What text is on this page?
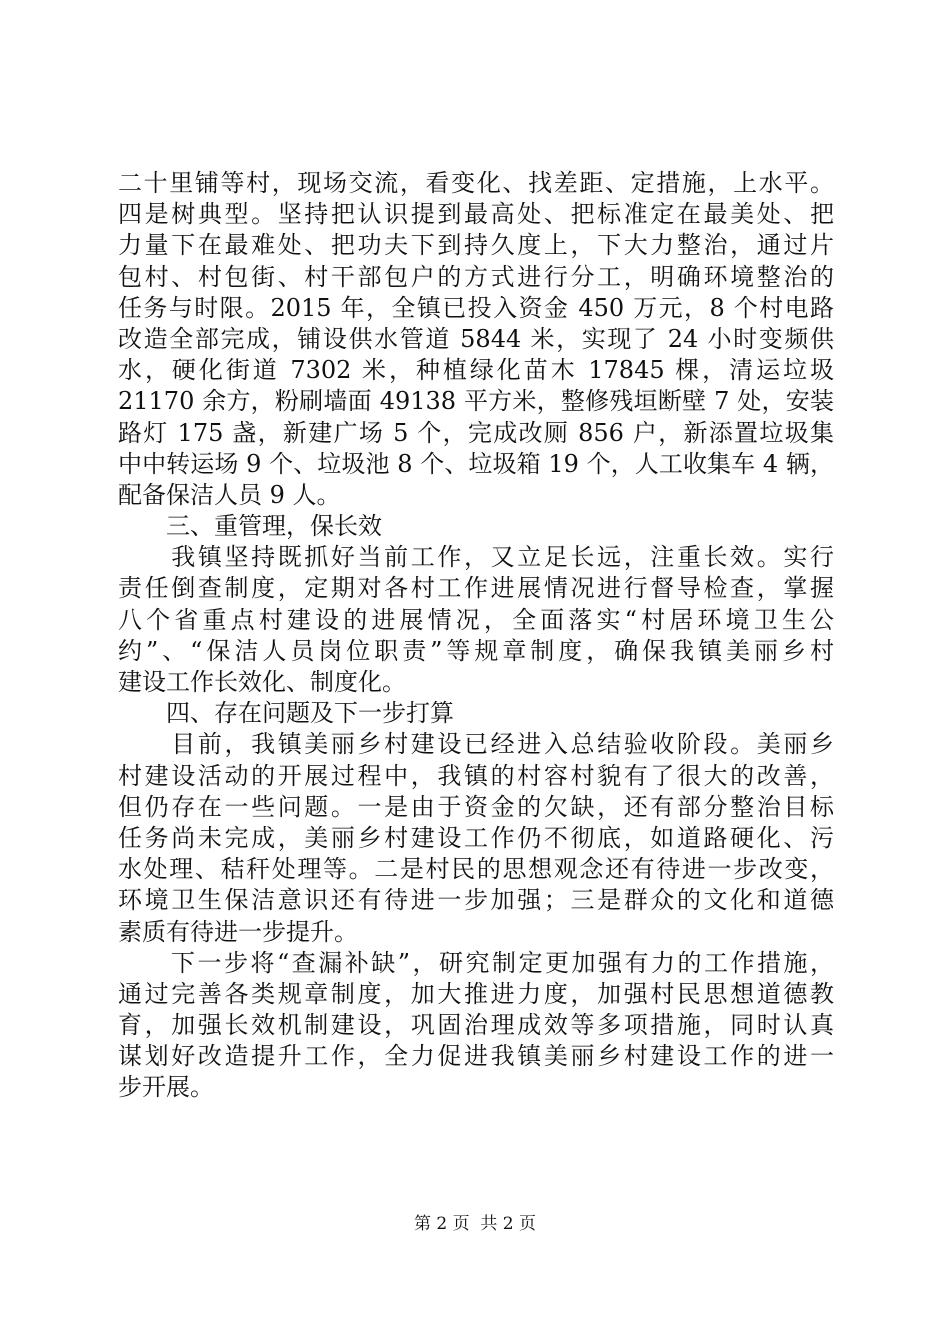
二十里铺等村，现场交流，看变化、找差距、定措施，上水平。
四是树典型。坚持把认识提到最高处、把标准定在最美处、把
力量下在最难处、把功夫下到持久度上，下大力整治，通过片
包村、村包街、村干部包户的方式进行分工，明确环境整治的
任务与时限。2015 年，全镇已投入资金 450 万元，8 个村电路
改造全部完成，铺设供水管道 5844 米，实现了 24 小时变频供
水，硬化街道 7302 米，种植绿化苗木 17845 棵，清运垃圾
21170 余方，粉刷墙面 49138 平方米，整修残垣断壁 7 处，安装
路灯 175 盏，新建广场 5 个，完成改厕 856 户，新添置垃圾集
中中转运场 9 个、垃圾池 8 个、垃圾箱 19 个，人工收集车 4 辆，
配备保洁人员 9 人。
　　三、重管理，保长效
　　我镇坚持既抓好当前工作，又立足长远，注重长效。实行
责任倒查制度，定期对各村工作进展情况进行督导检查，掌握
八个省重点村建设的进展情况，全面落实“村居环境卫生公
约”、“保洁人员岗位职责”等规章制度，确保我镇美丽乡村
建设工作长效化、制度化。
　　四、存在问题及下一步打算
　　目前，我镇美丽乡村建设已经进入总结验收阶段。美丽乡
村建设活动的开展过程中，我镇的村容村貌有了很大的改善，
但仍存在一些问题。一是由于资金的欠缺，还有部分整治目标
任务尚未完成，美丽乡村建设工作仍不彻底，如道路硬化、污
水处理、秸秆处理等。二是村民的思想观念还有待进一步改变，
环境卫生保洁意识还有待进一步加强；三是群众的文化和道德
素质有待进一步提升。
　　下一步将“查漏补缺”，研究制定更加强有力的工作措施，
通过完善各类规章制度，加大推进力度，加强村民思想道德教
育，加强长效机制建设，巩固治理成效等多项措施，同时认真
谋划好改造提升工作，全力促进我镇美丽乡村建设工作的进一
步开展。
第 2 页  共 2 页
